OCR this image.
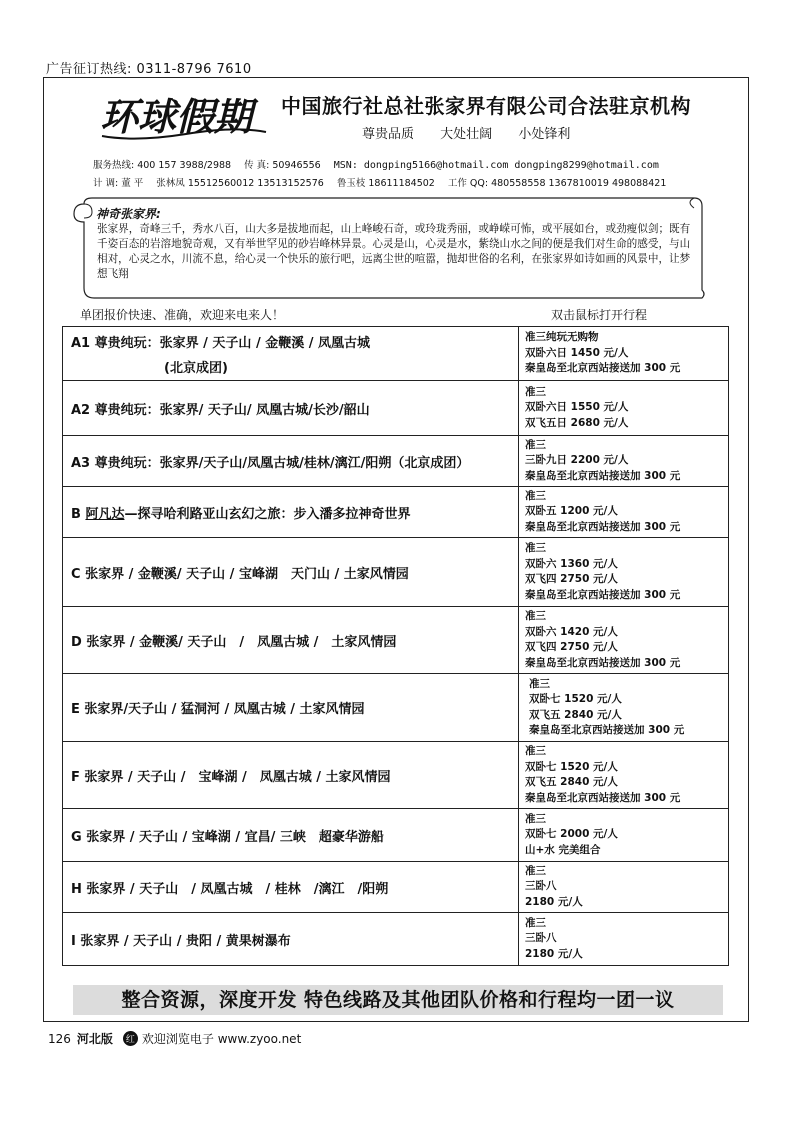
广告征订热线: 0311-8796 7610
环球假期	中国旅行社总社张家界有限公司合法驻京机构
尊贵品质 大处壮阔 小处锋利
服务热线: 400 157 3988/2988 传 真: 50946556 MSN: dongping5166@hotmail.com dongping8299@hotmail.com
计 调: 董 平 张林凤 15512560012 13513152576 鲁玉枝 18611184502 工作 QQ: 480558558 1367810019 498088421
神奇张家界:
张家界，奇峰三千，秀水八百，山大多是拔地而起，山上峰峻石奇，或玲珑秀丽，或峥嵘可怖，或平展如台，或劲瘦似剑；既有千姿百态的岩溶地貌奇观，又有举世罕见的砂岩峰林异景。心灵是山，心灵是水，紫绕山水之间的便是我们对生命的感受，与山相对，心灵之水，川流不息，给心灵一个快乐的旅行吧，远离尘世的喧嚣，抛却世俗的名利，在张家界如诗如画的风景中，让梦想飞翔
单团报价快速、准确，欢迎来电来人！	双击鼠标打开行程
A1 尊贵纯玩：张家界 / 天子山 / 金鞭溪 / 凤凰古城
(北京成团)	准三纯玩无购物
双卧六日 1450 元/人
秦皇岛至北京西站接送加 300 元

A2 尊贵纯玩：张家界/ 天子山/ 凤凰古城/长沙/韶山	准三
双卧六日 1550 元/人
双飞五日 2680 元/人

A3 尊贵纯玩：张家界/天子山/凤凰古城/桂林/漓江/阳朔（北京成团）	准三
三卧九日 2200 元/人
秦皇岛至北京西站接送加 300 元

B 阿凡达—探寻哈利路亚山玄幻之旅：步入潘多拉神奇世界	准三
双卧五 1200 元/人
秦皇岛至北京西站接送加 300 元

C 张家界 / 金鞭溪/ 天子山 / 宝峰湖　天门山 / 土家风情园	准三
双卧六 1360 元/人
双飞四 2750 元/人
秦皇岛至北京西站接送加 300 元

D 张家界 / 金鞭溪/ 天子山　/　凤凰古城 /　土家风情园	准三
双卧六 1420 元/人
双飞四 2750 元/人
秦皇岛至北京西站接送加 300 元

E 张家界/天子山 / 猛洞河 / 凤凰古城 / 土家风情园	准三
双卧七 1520 元/人
双飞五 2840 元/人
秦皇岛至北京西站接送加 300 元

F 张家界 / 天子山 /　宝峰湖 /　凤凰古城 / 土家风情园	准三
双卧七 1520 元/人
双飞五 2840 元/人
秦皇岛至北京西站接送加 300 元

G 张家界 / 天子山 / 宝峰湖 / 宜昌/ 三峡　超豪华游船	准三
双卧七 2000 元/人
山+水 完美组合

H 张家界 / 天子山　/ 凤凰古城　/ 桂林　/漓江　/阳朔	准三
三卧八
2180 元/人

I 张家界 / 天子山 / 贵阳 / 黄果树瀑布	准三
三卧八
2180 元/人
整合资源，深度开发 特色线路及其他团队价格和行程均一团一议
126 河北版	红 欢迎浏览电子 www.zyoo.net
